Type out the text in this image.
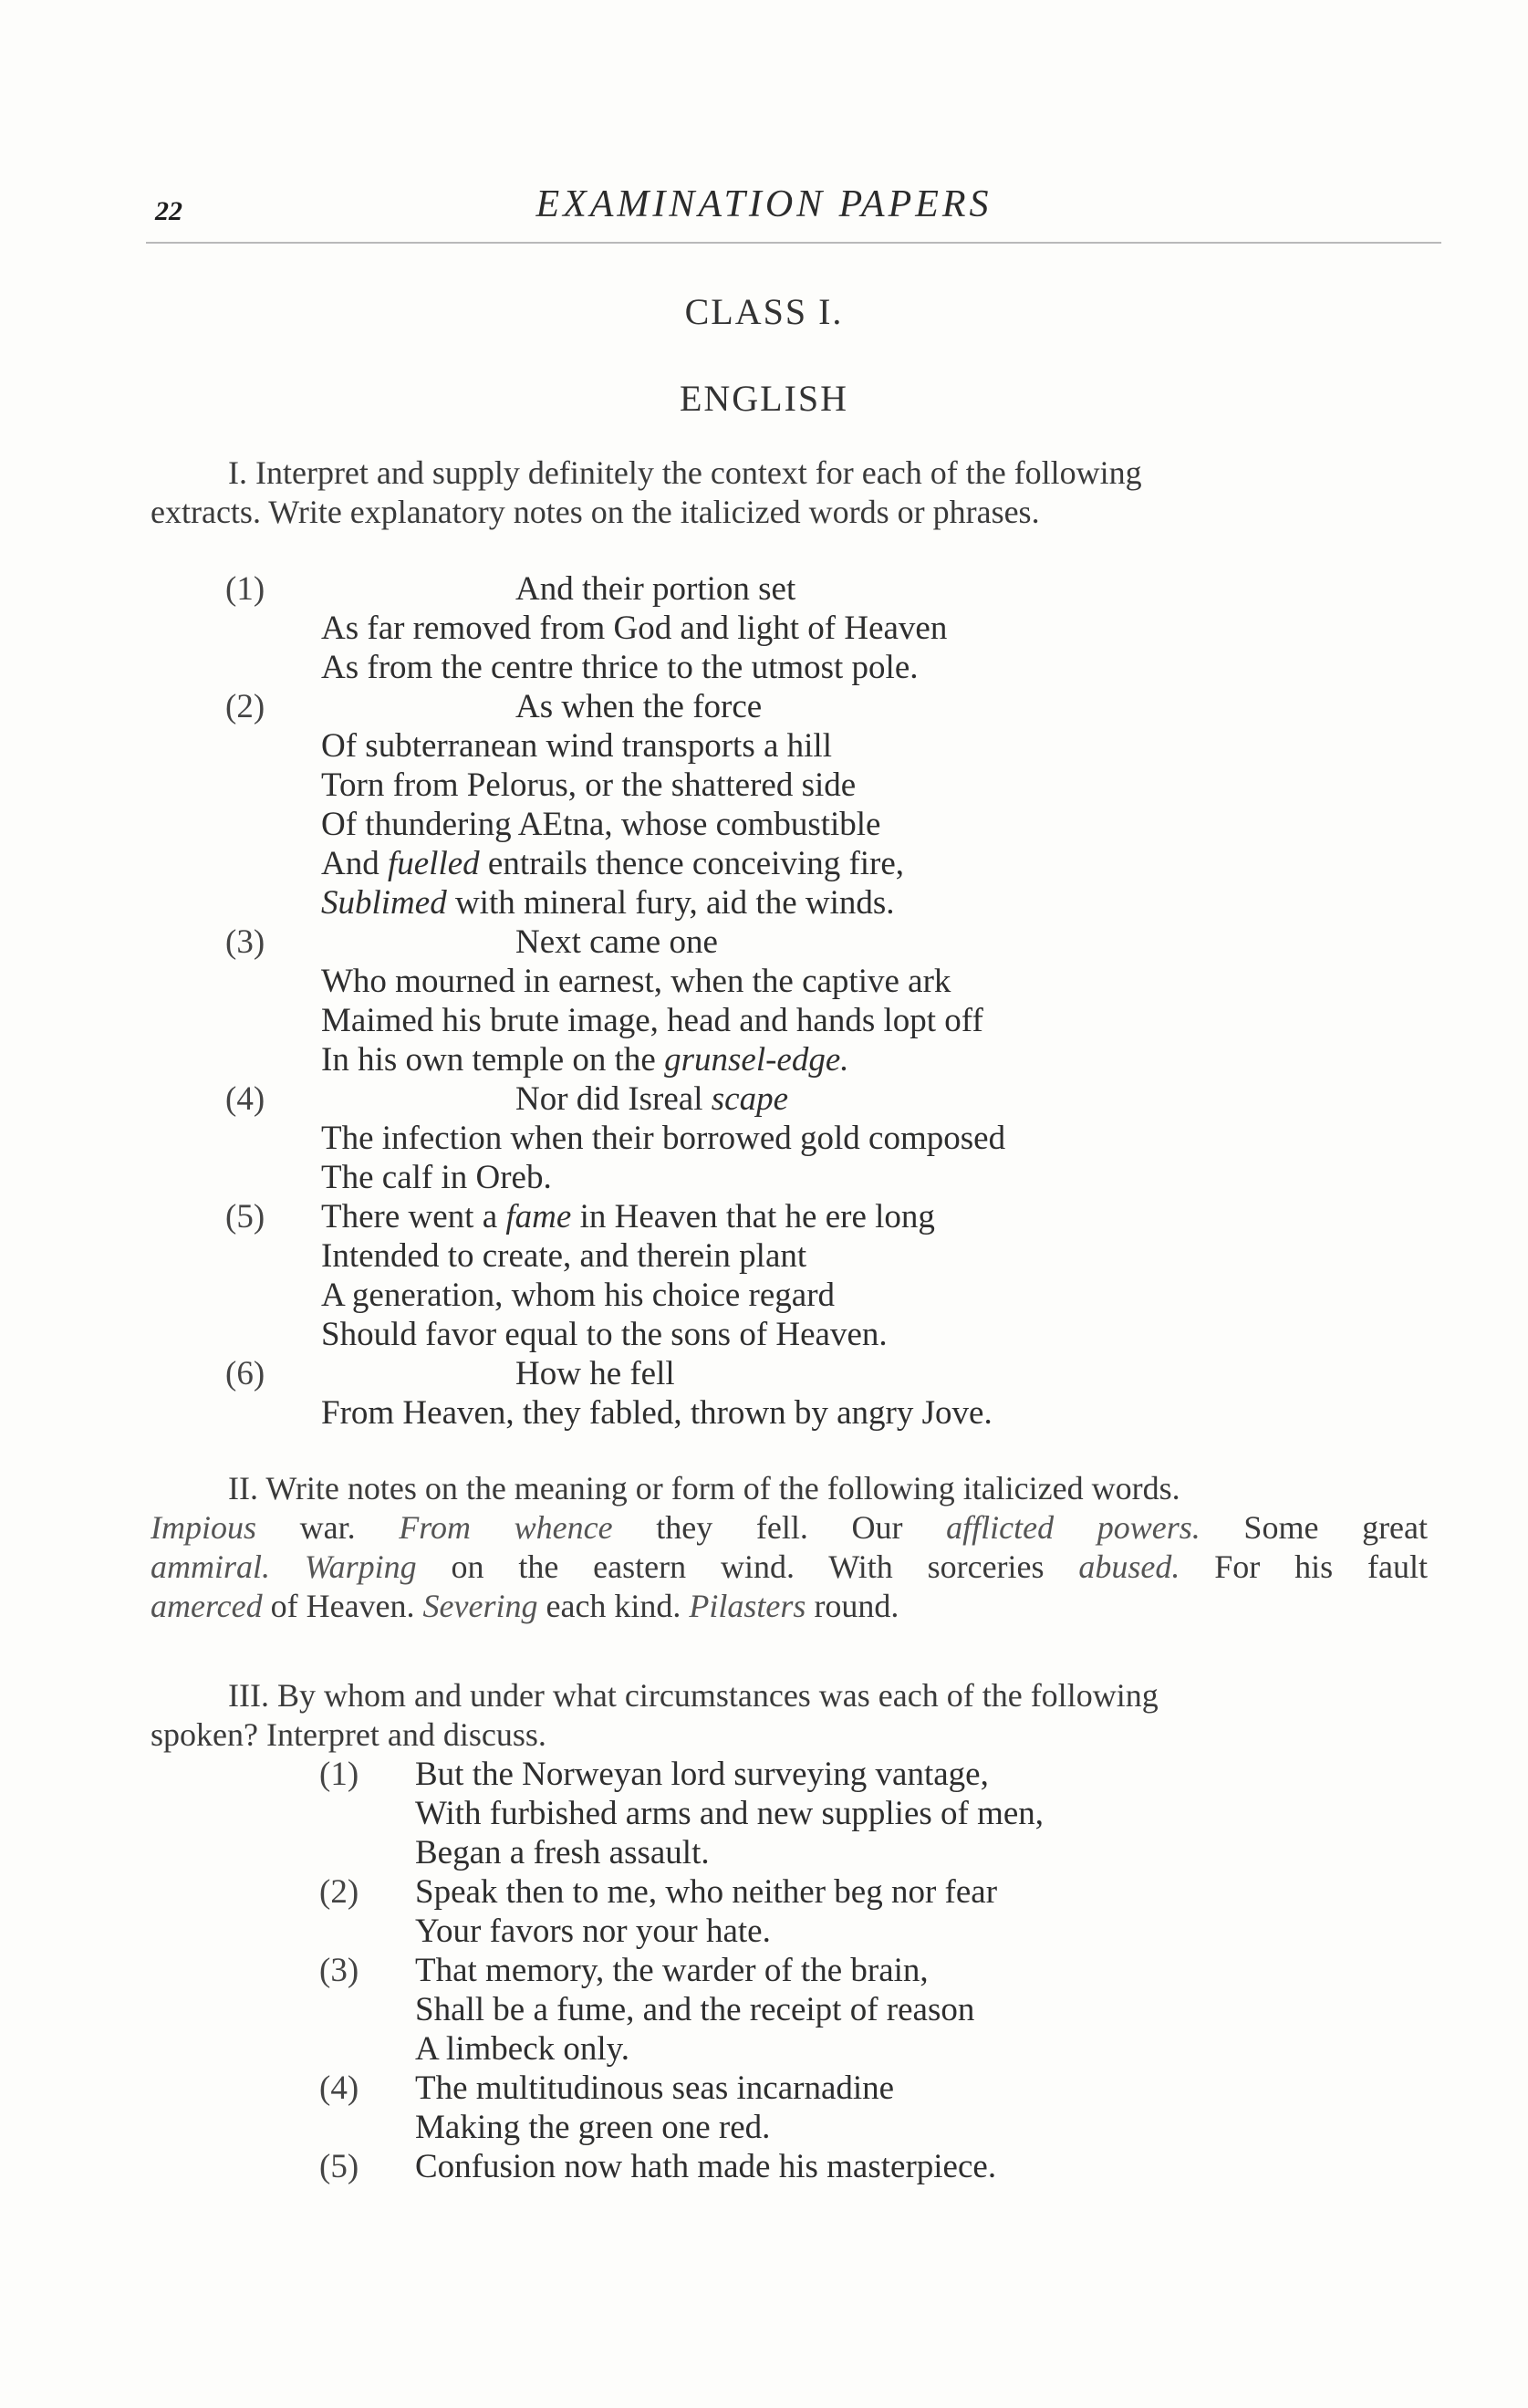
22	EXAMINATION PAPERS
CLASS I.
ENGLISH
I. Interpret and supply definitely the context for each of the following
extracts. Write explanatory notes on the italicized words or phrases.
(1)	And their portion set
As far removed from God and light of Heaven
As from the centre thrice to the utmost pole.
(2)	As when the force
Of subterranean wind transports a hill
Torn from Pelorus, or the shattered side
Of thundering AEtna, whose combustible
And fuelled entrails thence conceiving fire,
Sublimed with mineral fury, aid the winds.
(3)	Next came one
Who mourned in earnest, when the captive ark
Maimed his brute image, head and hands lopt off
In his own temple on the grunsel-edge.
(4)	Nor did Isreal scape
The infection when their borrowed gold composed
The calf in Oreb.
(5)	There went a fame in Heaven that he ere long
Intended to create, and therein plant
A generation, whom his choice regard
Should favor equal to the sons of Heaven.
(6)	How he fell
From Heaven, they fabled, thrown by angry Jove.
II. Write notes on the meaning or form of the following italicized words.
Impious war. From whence they fell. Our afflicted powers. Some great
ammiral. Warping on the eastern wind. With sorceries abused. For his fault
amerced of Heaven. Severing each kind. Pilasters round.
III. By whom and under what circumstances was each of the following
spoken? Interpret and discuss.
(1)	But the Norweyan lord surveying vantage,
With furbished arms and new supplies of men,
Began a fresh assault.
(2)	Speak then to me, who neither beg nor fear
Your favors nor your hate.
(3)	That memory, the warder of the brain,
Shall be a fume, and the receipt of reason
A limbeck only.
(4)	The multitudinous seas incarnadine
Making the green one red.
(5)	Confusion now hath made his masterpiece.
